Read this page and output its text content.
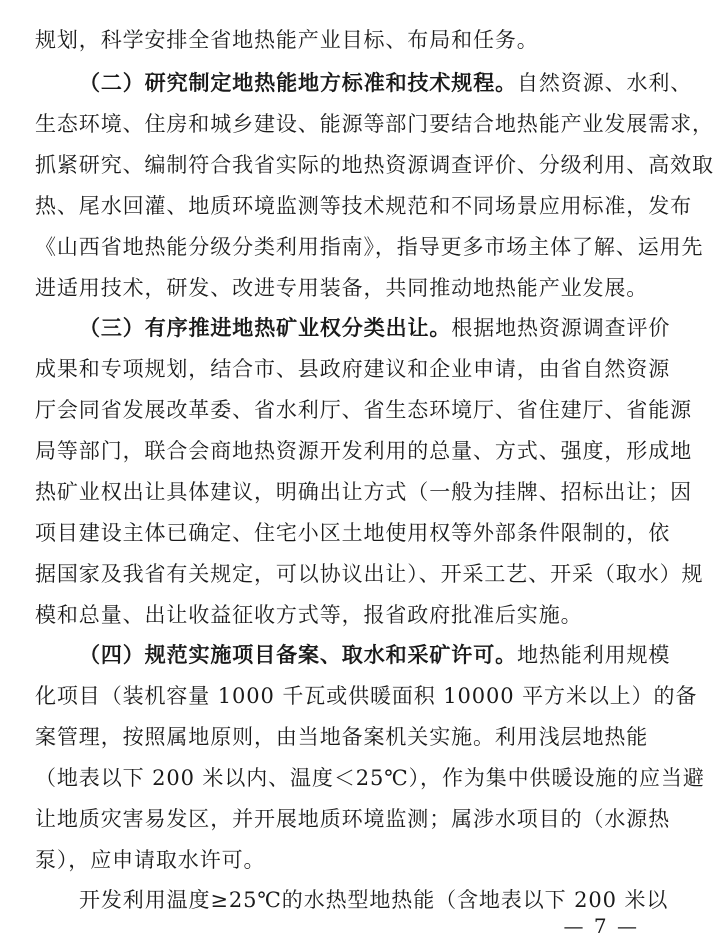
规划，科学安排全省地热能产业目标、布局和任务。
（二）研究制定地热能地方标准和技术规程。自然资源、水利、
生态环境、住房和城乡建设、能源等部门要结合地热能产业发展需求，
抓紧研究、编制符合我省实际的地热资源调查评价、分级利用、高效取
热、尾水回灌、地质环境监测等技术规范和不同场景应用标准，发布
《山西省地热能分级分类利用指南》，指导更多市场主体了解、运用先
进适用技术，研发、改进专用装备，共同推动地热能产业发展。
（三）有序推进地热矿业权分类出让。根据地热资源调查评价
成果和专项规划，结合市、县政府建议和企业申请，由省自然资源
厅会同省发展改革委、省水利厅、省生态环境厅、省住建厅、省能源
局等部门，联合会商地热资源开发利用的总量、方式、强度，形成地
热矿业权出让具体建议，明确出让方式（一般为挂牌、招标出让；因
项目建设主体已确定、住宅小区土地使用权等外部条件限制的，依
据国家及我省有关规定，可以协议出让）、开采工艺、开采（取水）规
模和总量、出让收益征收方式等，报省政府批准后实施。
（四）规范实施项目备案、取水和采矿许可。地热能利用规模
化项目（装机容量 1000 千瓦或供暖面积 10000 平方米以上）的备
案管理，按照属地原则，由当地备案机关实施。利用浅层地热能
（地表以下 200 米以内、温度＜25℃），作为集中供暖设施的应当避
让地质灾害易发区，并开展地质环境监测；属涉水项目的（水源热
泵），应申请取水许可。
开发利用温度≥25℃的水热型地热能（含地表以下 200 米以
— 7 —
